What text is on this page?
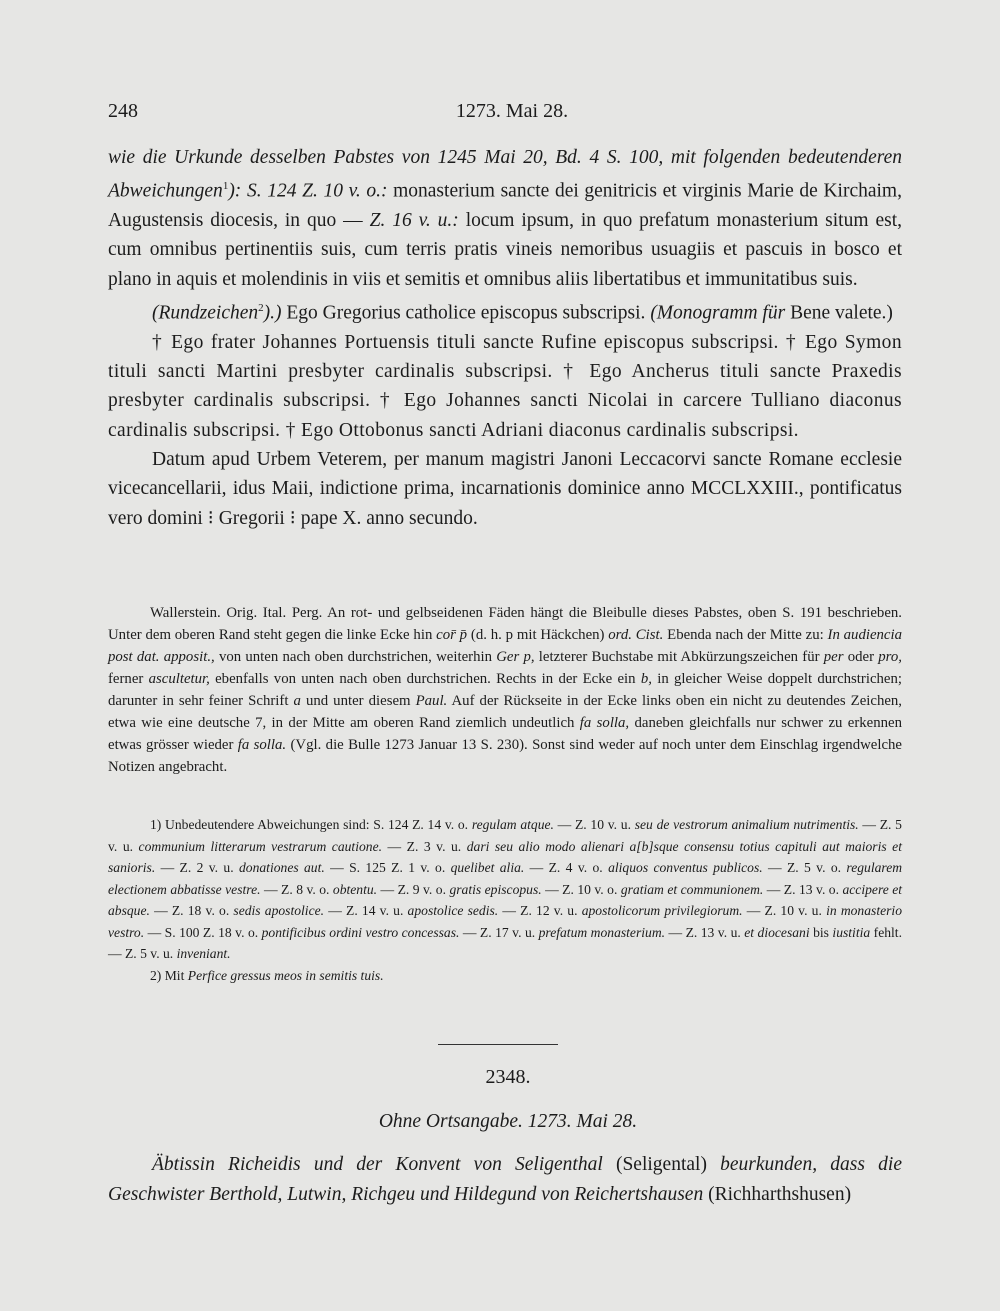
248	1273. Mai 28.

wie die Urkunde desselben Pabstes von 1245 Mai 20, Bd. 4 S. 100, mit folgenden bedeutenderen Abweichungen$^1$): S. 124 Z. 10 v. o.: monasterium sancte dei genitricis et virginis Marie de Kirchaim, Augustensis diocesis, in quo — Z. 16 v. u.: locum ipsum, in quo prefatum monasterium situm est, cum omnibus pertinentiis suis, cum terris pratis vineis nemoribus usuagiis et pascuis in bosco et plano in aquis et molendinis in viis et semitis et omnibus aliis libertatibus et immunitatibus suis.

(Rundzeichen$^2$).) Ego Gregorius catholice episcopus subscripsi. (Monogramm für Bene valete.)

† Ego frater Johannes Portuensis tituli sancte Rufine episcopus subscripsi. † Ego Symon tituli sancti Martini presbyter cardinalis subscripsi. † Ego Ancherus tituli sancte Praxedis presbyter cardinalis subscripsi. † Ego Johannes sancti Nicolai in carcere Tulliano diaconus cardinalis subscripsi. † Ego Ottobonus sancti Adriani diaconus cardinalis subscripsi.

Datum apud Urbem Veterem, per manum magistri Janoni Leccacorvi sancte Romane ecclesie vicecancellarii, idus Maii, indictione prima, incarnationis dominice anno MCCLXXIII., pontificatus vero domini ⁝ Gregorii ⁝ pape X. anno secundo.

Wallerstein. Orig. Ital. Perg. An rot- und gelbseidenen Fäden hängt die Bleibulle dieses Pabstes, oben S. 191 beschrieben. Unter dem oberen Rand steht gegen die linke Ecke hin cor̄ p̄ (d. h. p mit Häckchen) ord. Cist. Ebenda nach der Mitte zu: In audiencia post dat. apposit., von unten nach oben durchstrichen, weiterhin Ger p, letzterer Buchstabe mit Abkürzungszeichen für per oder pro, ferner ascultetur, ebenfalls von unten nach oben durchstrichen. Rechts in der Ecke ein b, in gleicher Weise doppelt durchstrichen; darunter in sehr feiner Schrift a und unter diesem Paul. Auf der Rückseite in der Ecke links oben ein nicht zu deutendes Zeichen, etwa wie eine deutsche 7, in der Mitte am oberen Rand ziemlich undeutlich fa solla, daneben gleichfalls nur schwer zu erkennen etwas grösser wieder fa solla. (Vgl. die Bulle 1273 Januar 13 S. 230). Sonst sind weder auf noch unter dem Einschlag irgendwelche Notizen angebracht.

1) Unbedeutendere Abweichungen sind: S. 124 Z. 14 v. o. regulam atque. — Z. 10 v. u. seu de vestrorum animalium nutrimentis. — Z. 5 v. u. communium litterarum vestrarum cautione. — Z. 3 v. u. dari seu alio modo alienari a[b]sque consensu totius capituli aut maioris et sanioris. — Z. 2 v. u. donationes aut. — S. 125 Z. 1 v. o. quelibet alia. — Z. 4 v. o. aliquos conventus publicos. — Z. 5 v. o. regularem electionem abbatisse vestre. — Z. 8 v. o. obtentu. — Z. 9 v. o. gratis episcopus. — Z. 10 v. o. gratiam et communionem. — Z. 13 v. o. accipere et absque. — Z. 18 v. o. sedis apostolice. — Z. 14 v. u. apostolice sedis. — Z. 12 v. u. apostolicorum privilegiorum. — Z. 10 v. u. in monasterio vestro. — S. 100 Z. 18 v. o. pontificibus ordini vestro concessas. — Z. 17 v. u. prefatum monasterium. — Z. 13 v. u. et diocesani bis iustitia fehlt. — Z. 5 v. u. inveniant.

2) Mit Perfice gressus meos in semitis tuis.

2348.
Ohne Ortsangabe. 1273. Mai 28.

Äbtissin Richeidis und der Konvent von Seligenthal (Seligental) beurkunden, dass die Geschwister Berthold, Lutwin, Richgeu und Hildegund von Reichertshausen (Richharthshusen)
